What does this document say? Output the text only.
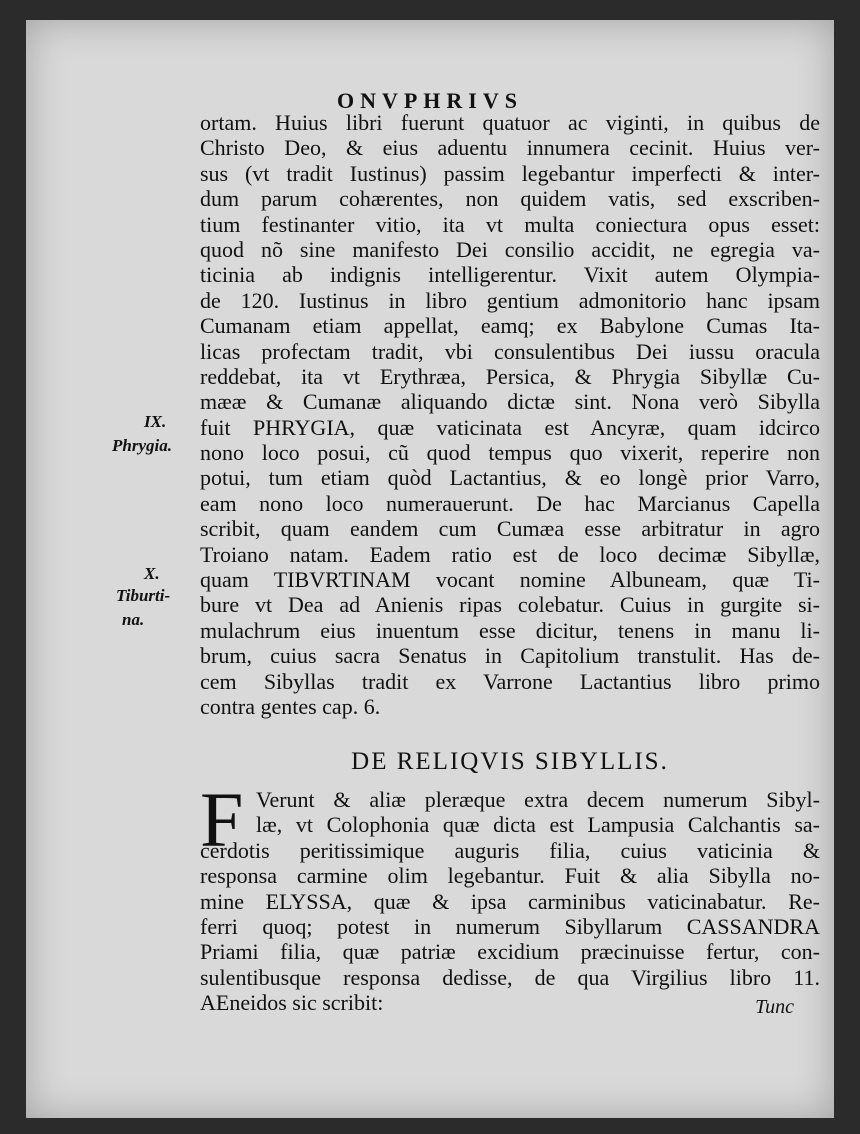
ONVPHRIVS
ortam. Huius libri fuerunt quatuor ac viginti, in quibus de
Christo Deo, & eius aduentu innumera cecinit. Huius ver-
sus (vt tradit Iustinus) passim legebantur imperfecti & inter-
dum parum cohærentes, non quidem vatis, sed exscriben-
tium festinanter vitio, ita vt multa coniectura opus esset:
quod nõ sine manifesto Dei consilio accidit, ne egregia va-
ticinia ab indignis intelligerentur. Vixit autem Olympia-
de 120. Iustinus in libro gentium admonitorio hanc ipsam
Cumanam etiam appellat, eamq; ex Babylone Cumas Ita-
licas profectam tradit, vbi consulentibus Dei iussu oracula
reddebat, ita vt Erythræa, Persica, & Phrygia Sibyllæ Cu-
mææ & Cumanæ aliquando dictæ sint. Nona verò Sibylla
fuit PHRYGIA, quæ vaticinata est Ancyræ, quam idcirco
nono loco posui, cũ quod tempus quo vixerit, reperire non
potui, tum etiam quòd Lactantius, & eo longè prior Varro,
eam nono loco numerauerunt. De hac Marcianus Capella
scribit, quam eandem cum Cumæa esse arbitratur in agro
Troiano natam. Eadem ratio est de loco decimæ Sibyllæ,
quam TIBVRTINAM vocant nomine Albuneam, quæ Ti-
bure vt Dea ad Anienis ripas colebatur. Cuius in gurgite si-
mulachrum eius inuentum esse dicitur, tenens in manu li-
brum, cuius sacra Senatus in Capitolium transtulit. Has de-
cem Sibyllas tradit ex Varrone Lactantius libro primo
contra gentes cap. 6.
IX.
Phrygia.
X.
Tiburti-
na.
DE RELIQVIS SIBYLLIS.
F Verunt & aliæ pleræque extra decem numerum Sibyl-
læ, vt Colophonia quæ dicta est Lampusia Calchantis sa-
cerdotis peritissimique auguris filia, cuius vaticinia &
responsa carmine olim legebantur. Fuit & alia Sibylla no-
mine ELYSSA, quæ & ipsa carminibus vaticinabatur. Re-
ferri quoq; potest in numerum Sibyllarum CASSANDRA
Priami filia, quæ patriæ excidium præcinuisse fertur, con-
sulentibusque responsa dedisse, de qua Virgilius libro 11.
AEneidos sic scribit:	Tunc
